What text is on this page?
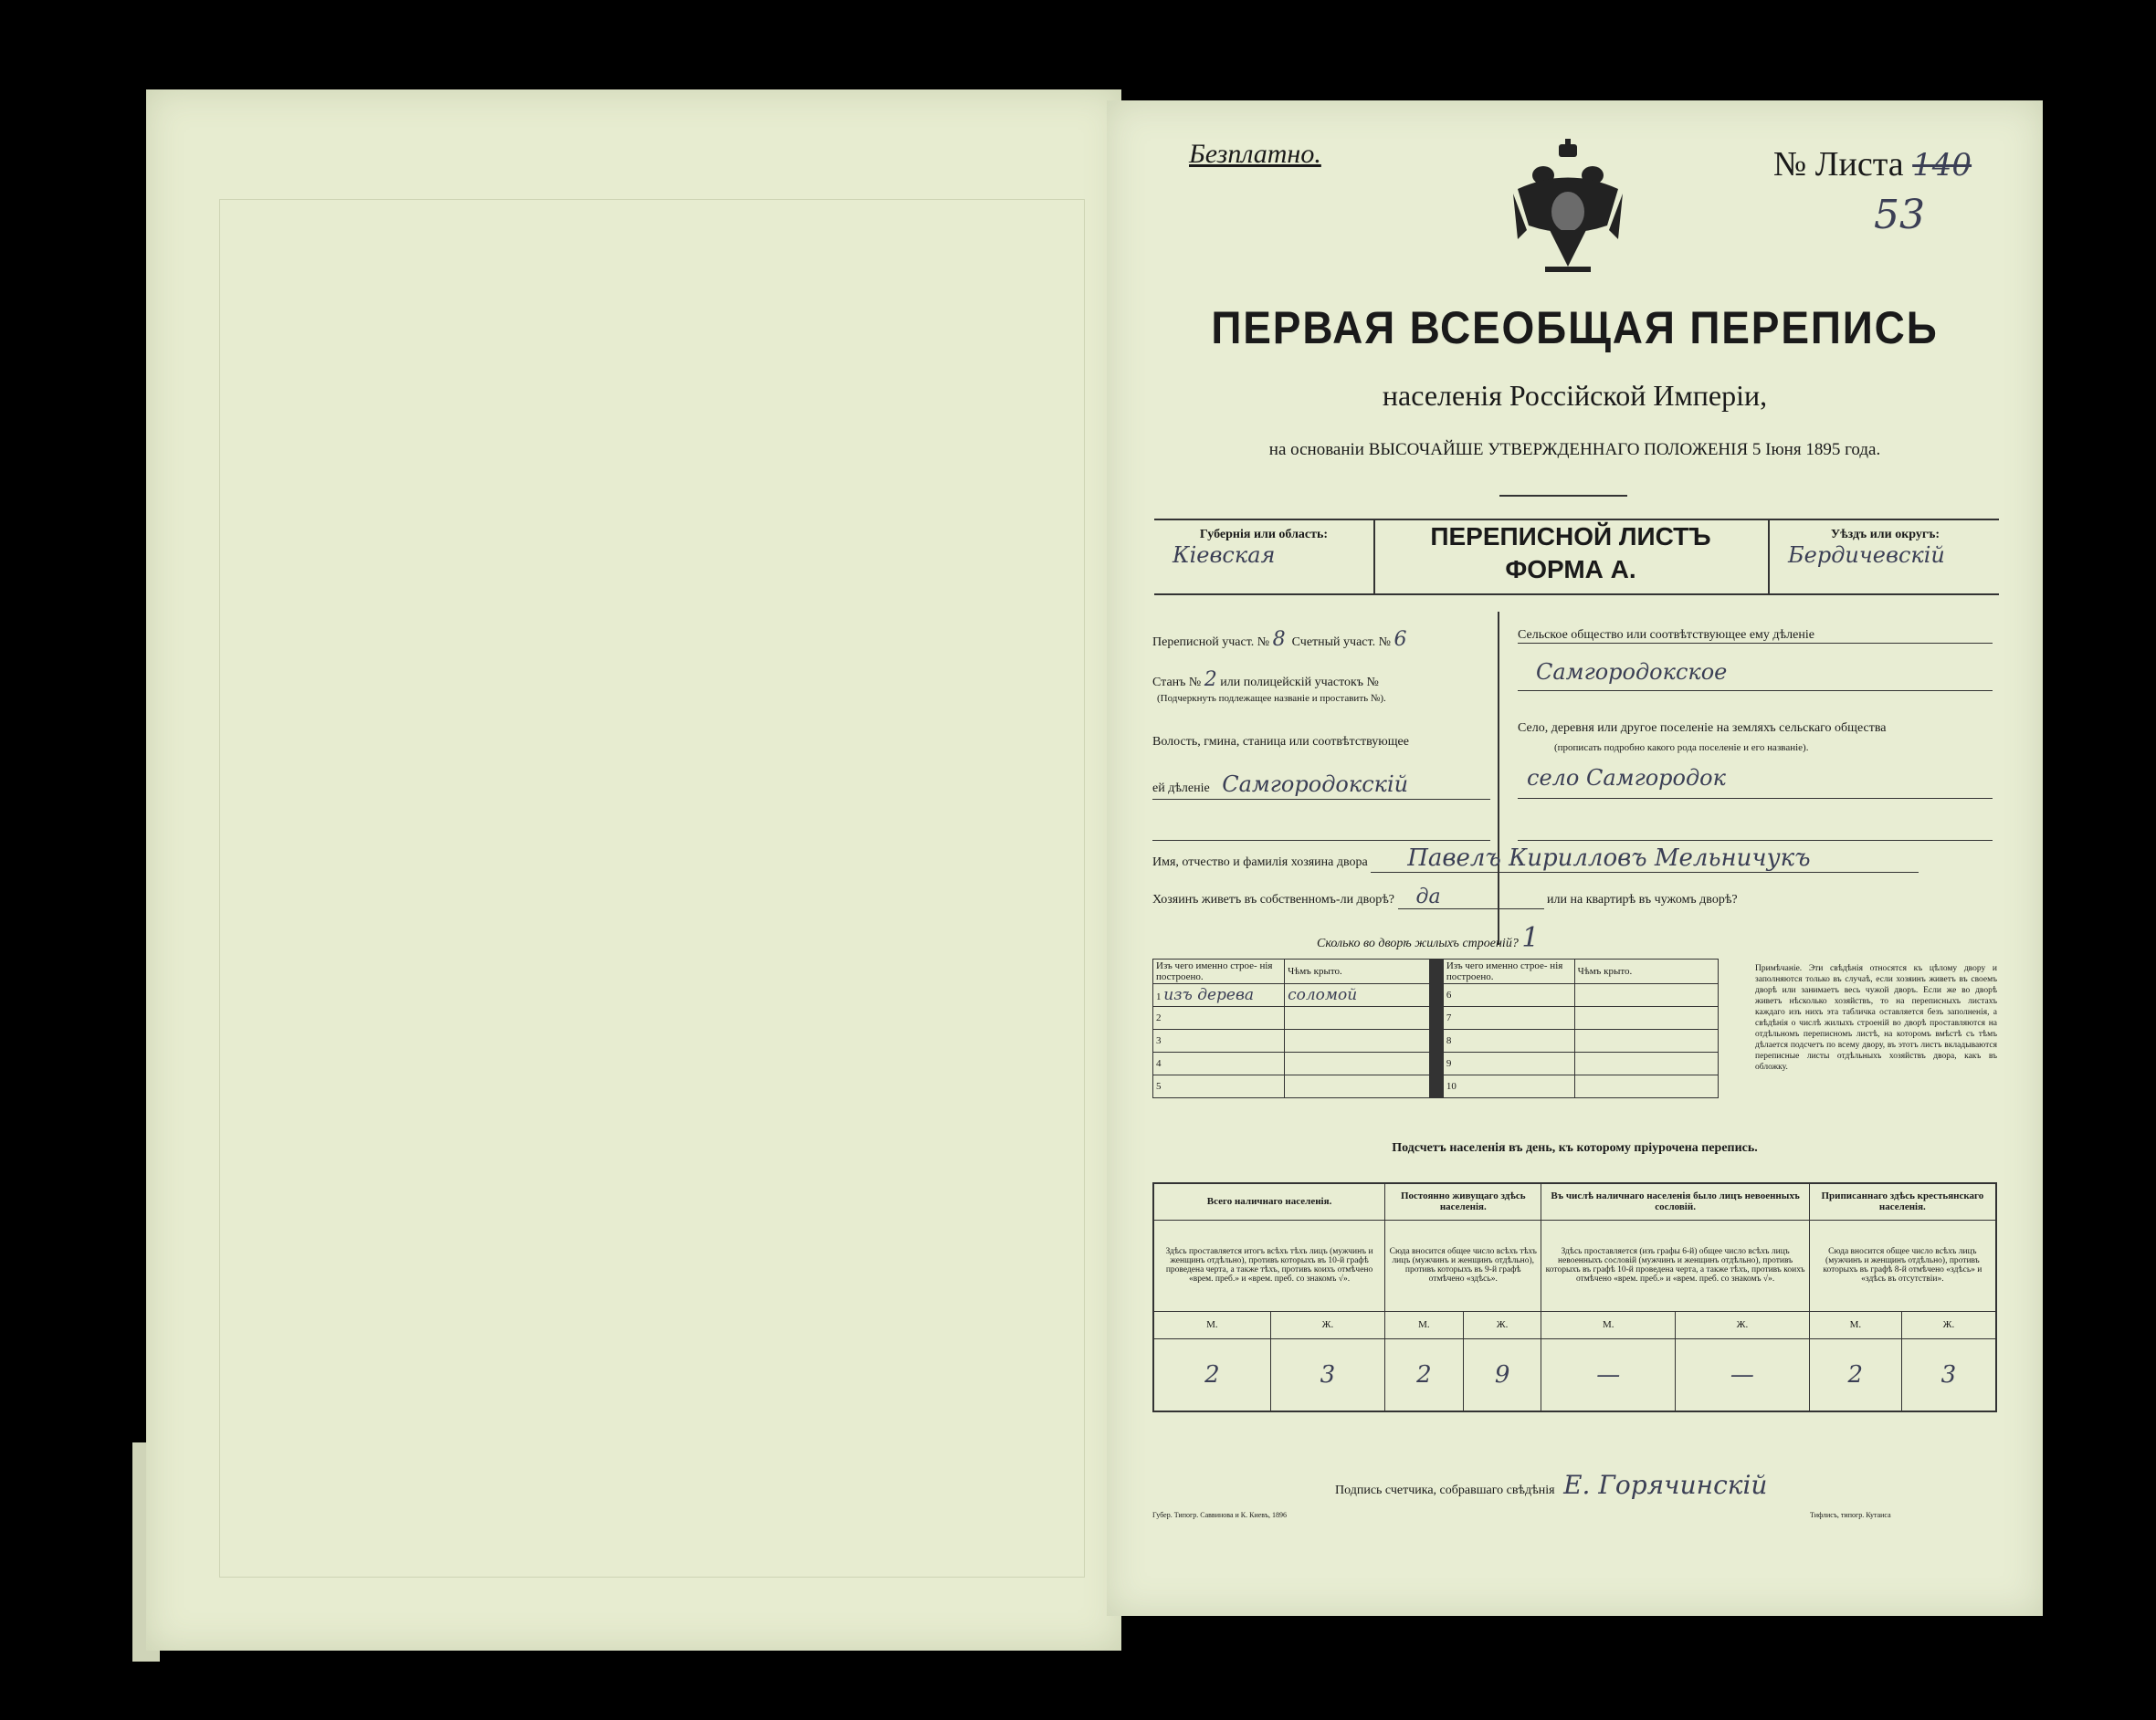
Безплатно.	№ Листа 140
53
ПЕРВАЯ ВСЕОБЩАЯ ПЕРЕПИСЬ
населенія Россійской Имперіи,
на основаніи ВЫСОЧАЙШЕ УТВЕРЖДЕННАГО ПОЛОЖЕНІЯ 5 Іюня 1895 года.
Губернія или область:
Кіевская
ПЕРЕПИСНОЙ ЛИСТЪ
ФОРМА А.
Уѣздъ или округъ:
Бердичевскій
Переписной участ. № 8 Счетный участ. № 6
Станъ № 2 или полицейскій участокъ №
(Подчеркнуть подлежащее названіе и проставить №).
Волость, гмина, станица или соотвѣтствующее
ей дѣленіе Самгородокскій
Сельское общество или соотвѣтствующее ему дѣленіе
Самгородокское
Село, деревня или другое поселеніе на земляхъ сельскаго общества
(прописать подробно какого рода поселеніе и его названіе).
село Самгородок
Имя, отчество и фамилія хозяина двора Павелъ Кирилловъ Мельничукъ
Хозяинъ живетъ въ собственномъ-ли дворѣ? да	или на квартирѣ въ чужомъ дворѣ?
Сколько во дворѣ жилыхъ строеній? 1
Изъ чего именно строе- нія построено.	Чѣмъ крыто.		Изъ чего именно строе- нія построено.	Чѣмъ крыто.
1 изъ дерева	соломой		6	
2			7	
3			8	
4			9	
5			10	
Примѣчаніе. Эти свѣдѣнія относятся къ цѣлому двору и заполняются только въ случаѣ, если хозяинъ живетъ въ своемъ дворѣ или занимаетъ весь чужой дворъ. Если же во дворѣ живетъ нѣсколько хозяйствъ, то на переписныхъ листахъ каждаго изъ нихъ эта табличка оставляется безъ заполненія, а свѣдѣнія о числѣ жилыхъ строеній во дворѣ проставляются на отдѣльномъ переписномъ листѣ, на которомъ вмѣстѣ съ тѣмъ дѣлается подсчетъ по всему двору, въ этотъ листъ вкладываются переписные листы отдѣльныхъ хозяйствъ двора, какъ въ обложку.
Подсчетъ населенія въ день, къ которому пріурочена перепись.
Всего наличнаго населенія.		Постоянно живущаго здѣсь населенія.		Въ числѣ наличнаго населенія было лицъ невоенныхъ сословій.		Приписаннаго здѣсь крестьянскаго населенія.	
Здѣсь проставляется итогъ всѣхъ тѣхъ лицъ (мужчинъ и женщинъ отдѣльно), противъ которыхъ въ 10-й графѣ проведена черта, а также тѣхъ, противъ коихъ отмѣчено «врем. преб.» и «врем. преб. со знакомъ √».		Сюда вносится общее число всѣхъ тѣхъ лицъ (мужчинъ и женщинъ отдѣльно), противъ которыхъ въ 9-й графѣ отмѣчено «здѣсь».		Здѣсь проставляется (изъ графы 6-й) общее число всѣхъ лицъ невоенныхъ сословій (мужчинъ и женщинъ отдѣльно), противъ которыхъ въ графѣ 10-й проведена черта, а также тѣхъ, противъ коихъ отмѣчено «врем. преб.» и «врем. преб. со знакомъ √».		Сюда вносится общее число всѣхъ лицъ (мужчинъ и женщинъ отдѣльно), противъ которыхъ въ графѣ 8-й отмѣчено «здѣсь» и «здѣсь въ отсутствіи».	
М.	Ж.	М.	Ж.	М.	Ж.	М.	Ж.
2	3	2	9	—	—	2	3
Подпись счетчика, собравшаго свѣдѣнія Е. Горячинскій
Губер. Типогр. Саввинова и К. Киевъ, 1896	Тифлисъ, типогр. Кутаиса
